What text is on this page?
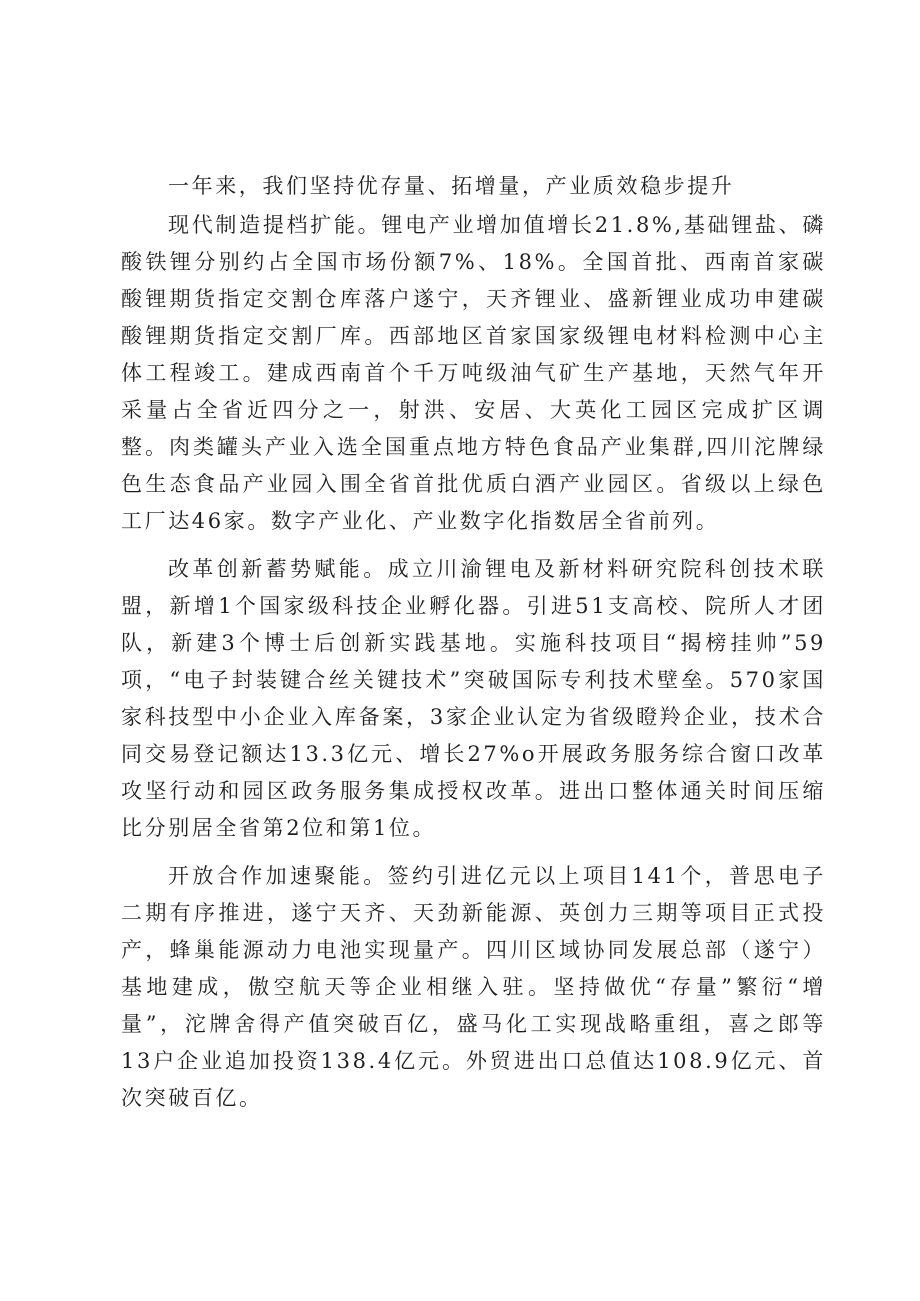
一年来，我们坚持优存量、拓增量，产业质效稳步提升

现代制造提档扩能。锂电产业增加值增长21.8%,基础锂盐、磷酸铁锂分别约占全国市场份额7%、18%。全国首批、西南首家碳酸锂期货指定交割仓库落户遂宁，天齐锂业、盛新锂业成功申建碳酸锂期货指定交割厂库。西部地区首家国家级锂电材料检测中心主体工程竣工。建成西南首个千万吨级油气矿生产基地，天然气年开采量占全省近四分之一，射洪、安居、大英化工园区完成扩区调整。肉类罐头产业入选全国重点地方特色食品产业集群,四川沱牌绿色生态食品产业园入围全省首批优质白酒产业园区。省级以上绿色工厂达46家。数字产业化、产业数字化指数居全省前列。

改革创新蓄势赋能。成立川渝锂电及新材料研究院科创技术联盟，新增1个国家级科技企业孵化器。引进51支高校、院所人才团队，新建3个博士后创新实践基地。实施科技项目“揭榜挂帅”59项，“电子封装键合丝关键技术”突破国际专利技术壁垒。570家国家科技型中小企业入库备案，3家企业认定为省级瞪羚企业，技术合同交易登记额达13.3亿元、增长27%o开展政务服务综合窗口改革攻坚行动和园区政务服务集成授权改革。进出口整体通关时间压缩比分别居全省第2位和第1位。

开放合作加速聚能。签约引进亿元以上项目141个，普思电子二期有序推进，遂宁天齐、天劲新能源、英创力三期等项目正式投产，蜂巢能源动力电池实现量产。四川区域协同发展总部（遂宁）基地建成，傲空航天等企业相继入驻。坚持做优“存量”繁衍“增量”，沱牌舍得产值突破百亿，盛马化工实现战略重组，喜之郎等13户企业追加投资138.4亿元。外贸进出口总值达108.9亿元、首次突破百亿。
